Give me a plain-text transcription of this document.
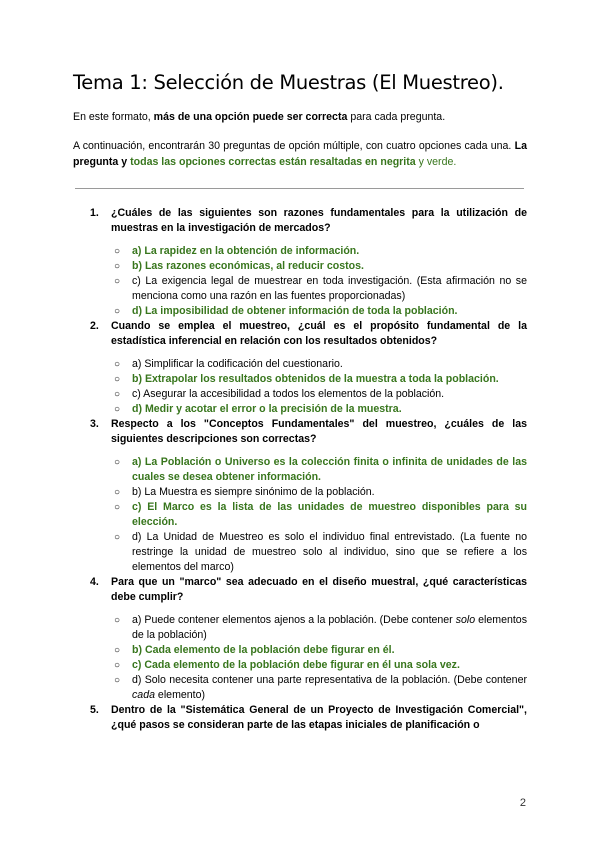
Tema 1: Selección de Muestras (El Muestreo).

En este formato, más de una opción puede ser correcta para cada pregunta.

A continuación, encontrarán 30 preguntas de opción múltiple, con cuatro opciones cada una. La pregunta y todas las opciones correctas están resaltadas en negrita y verde.

1. ¿Cuáles de las siguientes son razones fundamentales para la utilización de muestras en la investigación de mercados?
○ a) La rapidez en la obtención de información.
○ b) Las razones económicas, al reducir costos.
○ c) La exigencia legal de muestrear en toda investigación. (Esta afirmación no se menciona como una razón en las fuentes proporcionadas)
○ d) La imposibilidad de obtener información de toda la población.
2. Cuando se emplea el muestreo, ¿cuál es el propósito fundamental de la estadística inferencial en relación con los resultados obtenidos?
○ a) Simplificar la codificación del cuestionario.
○ b) Extrapolar los resultados obtenidos de la muestra a toda la población.
○ c) Asegurar la accesibilidad a todos los elementos de la población.
○ d) Medir y acotar el error o la precisión de la muestra.
3. Respecto a los "Conceptos Fundamentales" del muestreo, ¿cuáles de las siguientes descripciones son correctas?
○ a) La Población o Universo es la colección finita o infinita de unidades de las cuales se desea obtener información.
○ b) La Muestra es siempre sinónimo de la población.
○ c) El Marco es la lista de las unidades de muestreo disponibles para su elección.
○ d) La Unidad de Muestreo es solo el individuo final entrevistado. (La fuente no restringe la unidad de muestreo solo al individuo, sino que se refiere a los elementos del marco)
4. Para que un "marco" sea adecuado en el diseño muestral, ¿qué características debe cumplir?
○ a) Puede contener elementos ajenos a la población. (Debe contener solo elementos de la población)
○ b) Cada elemento de la población debe figurar en él.
○ c) Cada elemento de la población debe figurar en él una sola vez.
○ d) Solo necesita contener una parte representativa de la población. (Debe contener cada elemento)
5. Dentro de la "Sistemática General de un Proyecto de Investigación Comercial", ¿qué pasos se consideran parte de las etapas iniciales de planificación o
2
